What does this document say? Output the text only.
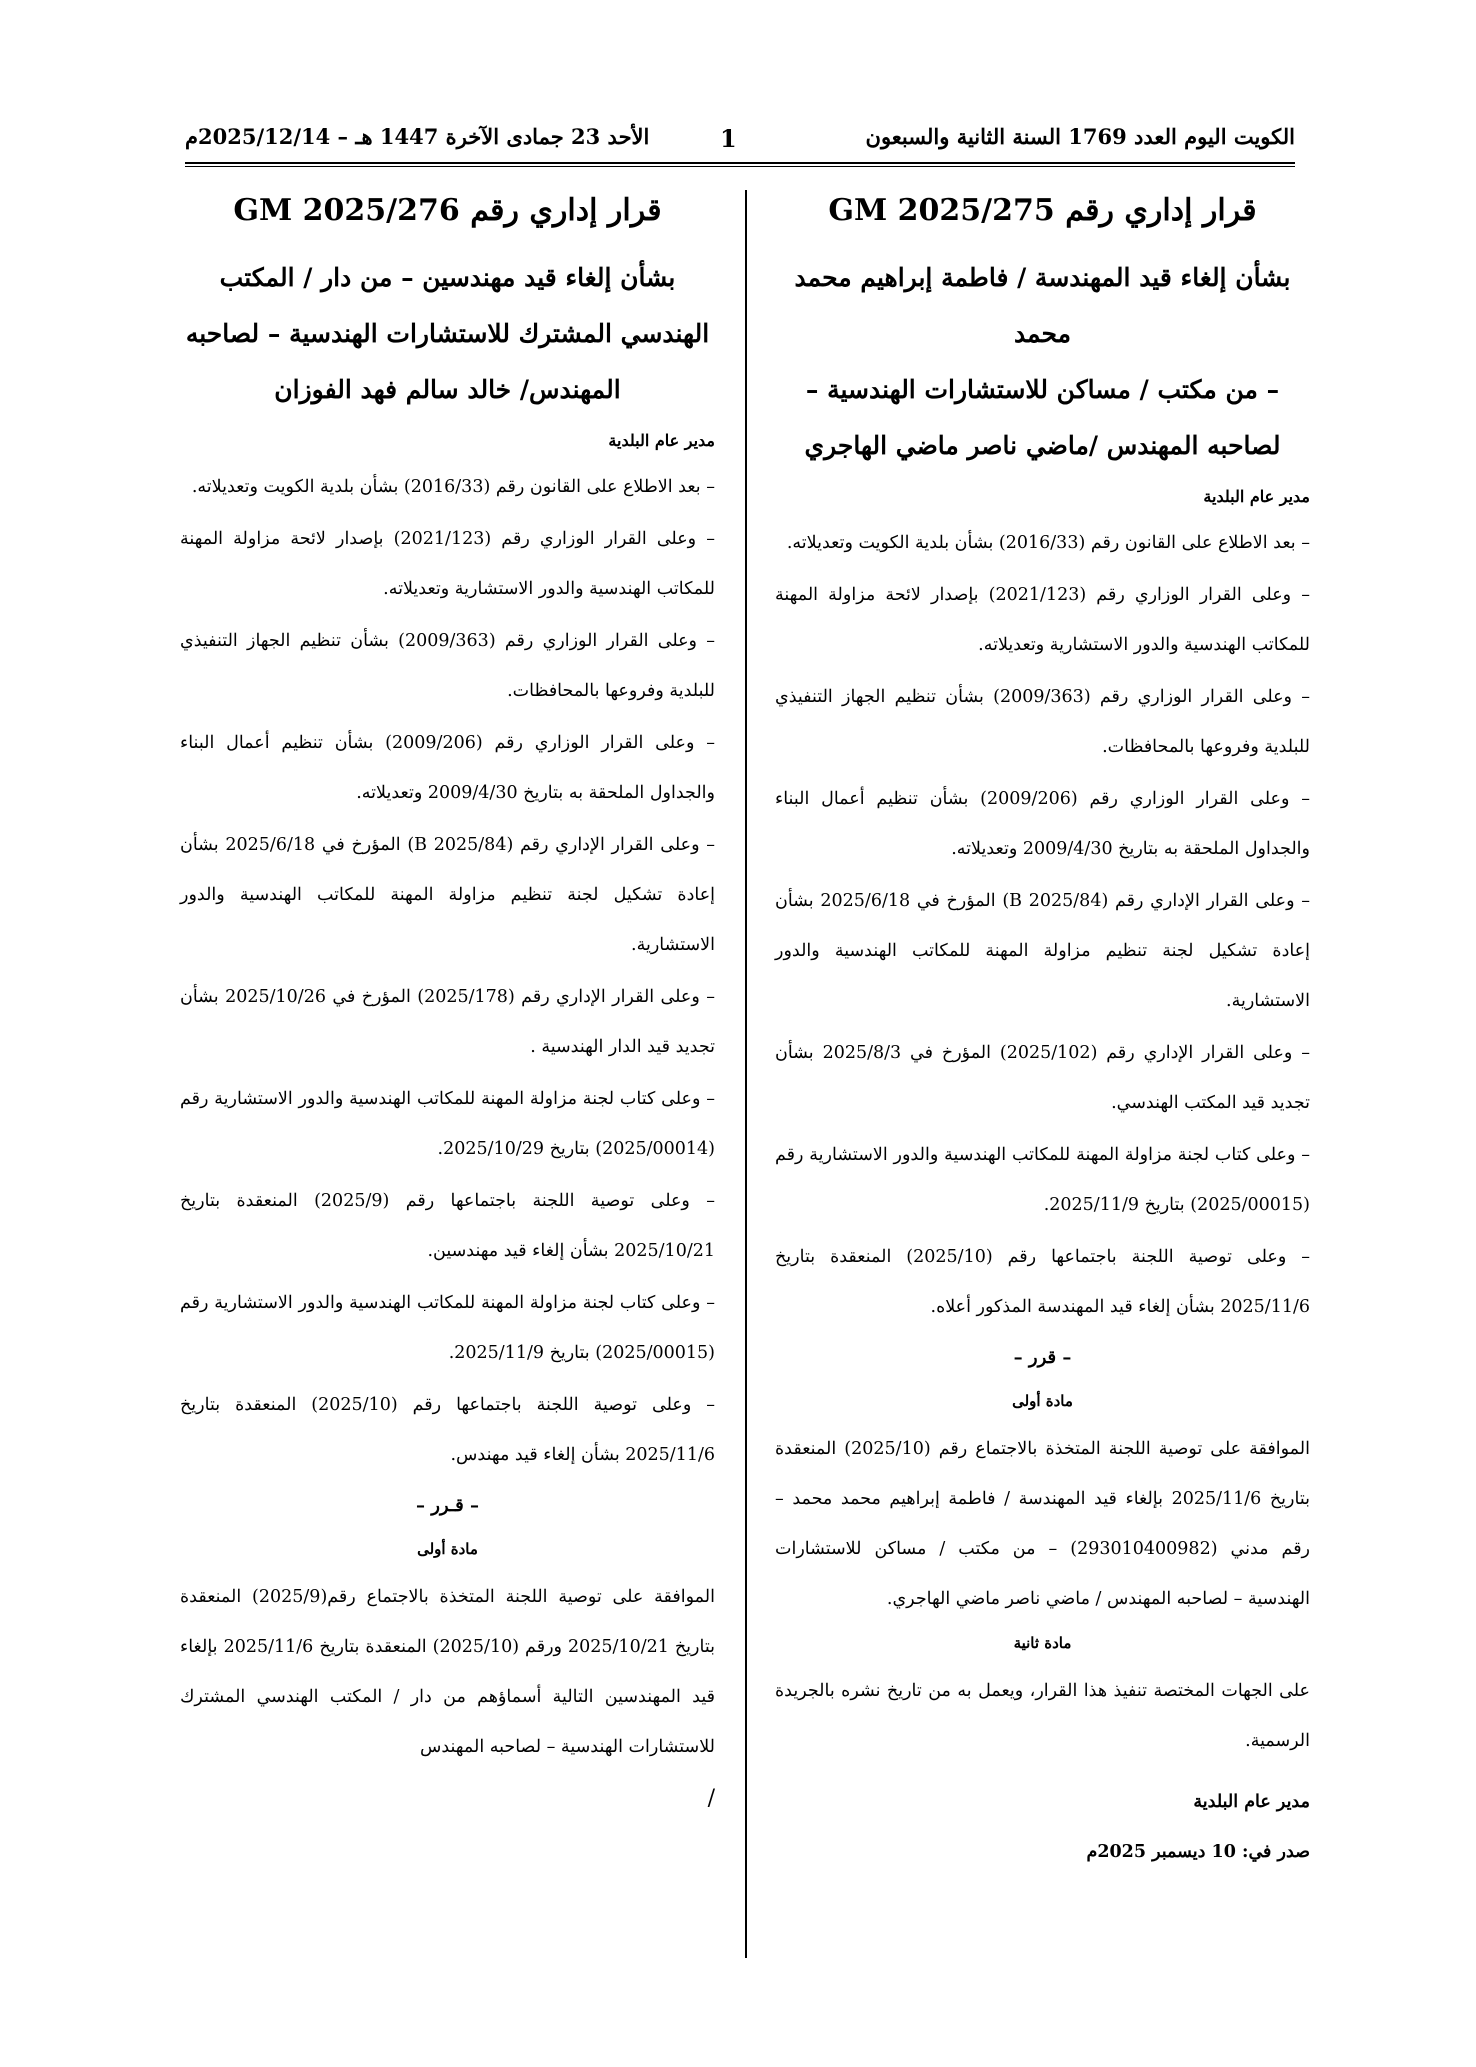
الكويت اليوم العدد 1769 السنة الثانية والسبعون
1
الأحد 23 جمادى الآخرة 1447 هـ – 2025/12/14م
قرار إداري رقم 2025/275 GM
بشأن إلغاء قيد المهندسة / فاطمة إبراهيم محمد محمد
– من مكتب / مساكن للاستشارات الهندسية –
لصاحبه المهندس /ماضي ناصر ماضي الهاجري
مدير عام البلدية
– بعد الاطلاع على القانون رقم (2016/33) بشأن بلدية الكويت وتعديلاته.
– وعلى القرار الوزاري رقم (2021/123) بإصدار لائحة مزاولة المهنة للمكاتب الهندسية والدور الاستشارية وتعديلاته.
– وعلى القرار الوزاري رقم (2009/363) بشأن تنظيم الجهاز التنفيذي للبلدية وفروعها بالمحافظات.
– وعلى القرار الوزاري رقم (2009/206) بشأن تنظيم أعمال البناء والجداول الملحقة به بتاريخ 2009/4/30 وتعديلاته.
– وعلى القرار الإداري رقم (2025/84 B) المؤرخ في 2025/6/18 بشأن إعادة تشكيل لجنة تنظيم مزاولة المهنة للمكاتب الهندسية والدور الاستشارية.
– وعلى القرار الإداري رقم (2025/102) المؤرخ في 2025/8/3 بشأن تجديد قيد المكتب الهندسي.
– وعلى كتاب لجنة مزاولة المهنة للمكاتب الهندسية والدور الاستشارية رقم (2025/00015) بتاريخ 2025/11/9.
– وعلى توصية اللجنة باجتماعها رقم (2025/10) المنعقدة بتاريخ 2025/11/6 بشأن إلغاء قيد المهندسة المذكور أعلاه.
– قرر –
مادة أولى
الموافقة على توصية اللجنة المتخذة بالاجتماع رقم (2025/10) المنعقدة بتاريخ 2025/11/6 بإلغاء قيد المهندسة / فاطمة إبراهيم محمد محمد – رقم مدني (293010400982) – من مكتب / مساكن للاستشارات الهندسية – لصاحبه المهندس / ماضي ناصر ماضي الهاجري.
مادة ثانية
على الجهات المختصة تنفيذ هذا القرار، ويعمل به من تاريخ نشره بالجريدة الرسمية.
مدير عام البلدية
صدر في: 10 ديسمبر 2025م
قرار إداري رقم 2025/276 GM
بشأن إلغاء قيد مهندسين – من دار / المكتب
الهندسي المشترك للاستشارات الهندسية – لصاحبه
المهندس/ خالد سالم فهد الفوزان
مدير عام البلدية
– بعد الاطلاع على القانون رقم (2016/33) بشأن بلدية الكويت وتعديلاته.
– وعلى القرار الوزاري رقم (2021/123) بإصدار لائحة مزاولة المهنة للمكاتب الهندسية والدور الاستشارية وتعديلاته.
– وعلى القرار الوزاري رقم (2009/363) بشأن تنظيم الجهاز التنفيذي للبلدية وفروعها بالمحافظات.
– وعلى القرار الوزاري رقم (2009/206) بشأن تنظيم أعمال البناء والجداول الملحقة به بتاريخ 2009/4/30 وتعديلاته.
– وعلى القرار الإداري رقم (2025/84 B) المؤرخ في 2025/6/18 بشأن إعادة تشكيل لجنة تنظيم مزاولة المهنة للمكاتب الهندسية والدور الاستشارية.
– وعلى القرار الإداري رقم (2025/178) المؤرخ في 2025/10/26 بشأن تجديد قيد الدار الهندسية .
– وعلى كتاب لجنة مزاولة المهنة للمكاتب الهندسية والدور الاستشارية رقم (2025/00014) بتاريخ 2025/10/29.
– وعلى توصية اللجنة باجتماعها رقم (2025/9) المنعقدة بتاريخ 2025/10/21 بشأن إلغاء قيد مهندسين.
– وعلى كتاب لجنة مزاولة المهنة للمكاتب الهندسية والدور الاستشارية رقم (2025/00015) بتاريخ 2025/11/9.
– وعلى توصية اللجنة باجتماعها رقم (2025/10) المنعقدة بتاريخ 2025/11/6 بشأن إلغاء قيد مهندس.
– قـرر –
مادة أولى
الموافقة على توصية اللجنة المتخذة بالاجتماع رقم(2025/9) المنعقدة بتاريخ 2025/10/21 ورقم (2025/10) المنعقدة بتاريخ 2025/11/6 بإلغاء قيد المهندسين التالية أسماؤهم من دار / المكتب الهندسي المشترك للاستشارات الهندسية – لصاحبه المهندس
/
